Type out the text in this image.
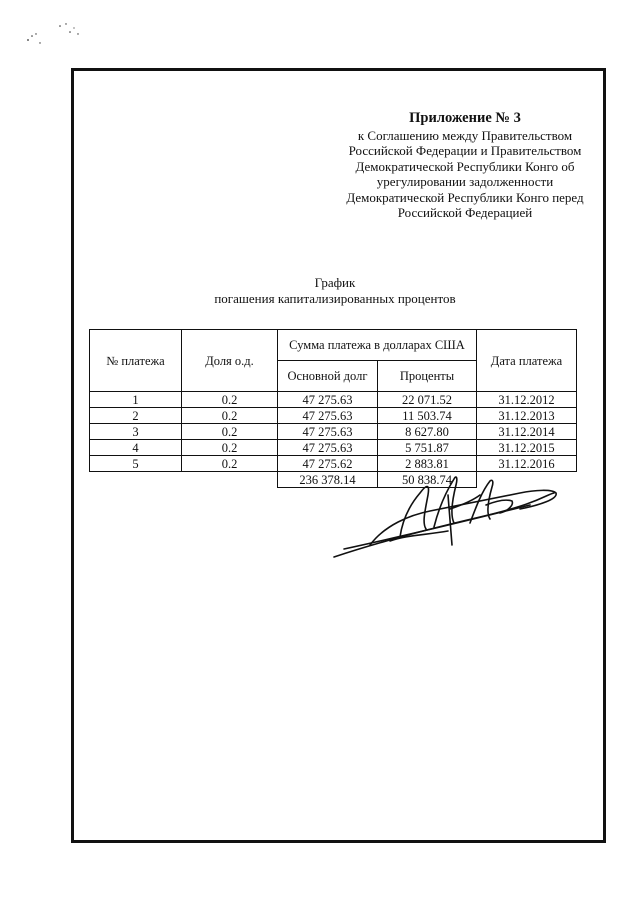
Приложение № 3
к Соглашению между Правительством
Российской Федерации и Правительством
Демократической Республики Конго об
урегулировании задолженности
Демократической Республики Конго перед
Российской Федерацией
График
погашения капитализированных процентов
№ платежа	Доля о.д.	Сумма платежа в долларах США		Дата платежа
		Основной долг	Проценты	
1	0.2	47 275.63	22 071.52	31.12.2012
2	0.2	47 275.63	11 503.74	31.12.2013
3	0.2	47 275.63	8 627.80	31.12.2014
4	0.2	47 275.63	5 751.87	31.12.2015
5	0.2	47 275.62	2 883.81	31.12.2016
		236 378.14	50 838.74	
